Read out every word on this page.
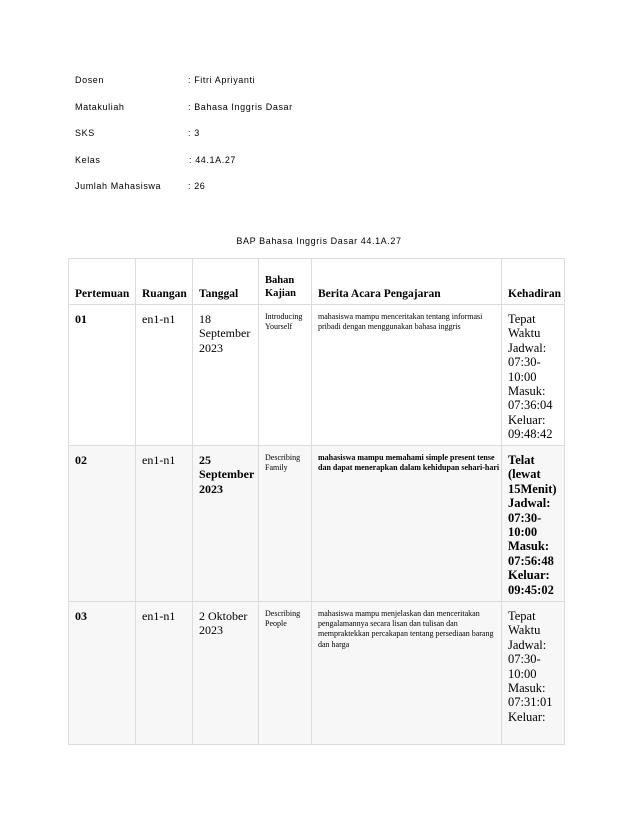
Dosen	: Fitri Apriyanti
Matakuliah	: Bahasa Inggris Dasar
SKS	: 3
Kelas	: 44.1A.27
Jumlah Mahasiswa	: 26
BAP Bahasa Inggris Dasar 44.1A.27
Pertemuan	Ruangan	Tanggal	Bahan Kajian	Berita Acara Pengajaran	Kehadiran
01	en1-n1	18 September 2023	Introducing Yourself	mahasiswa mampu menceritakan tentang informasi pribadi dengan menggunakan bahasa inggris	Tepat Waktu
Jadwal: 07:30-10:00
Masuk: 07:36:04
Keluar: 09:48:42

02	en1-n1	25 September 2023	Describing Family	mahasiswa mampu memahami simple present tense dan dapat menerapkan dalam kehidupan sehari-hari	Telat (lewat 15Menit)
Jadwal: 07:30-10:00
Masuk: 07:56:48
Keluar: 09:45:02

03	en1-n1	2 Oktober 2023	Describing People	mahasiswa mampu menjelaskan dan menceritakan pengalamannya secara lisan dan tulisan dan mempraktekkan percakapan tentang persediaan barang dan harga	Tepat Waktu
Jadwal: 07:30-10:00
Masuk: 07:31:01
Keluar:
